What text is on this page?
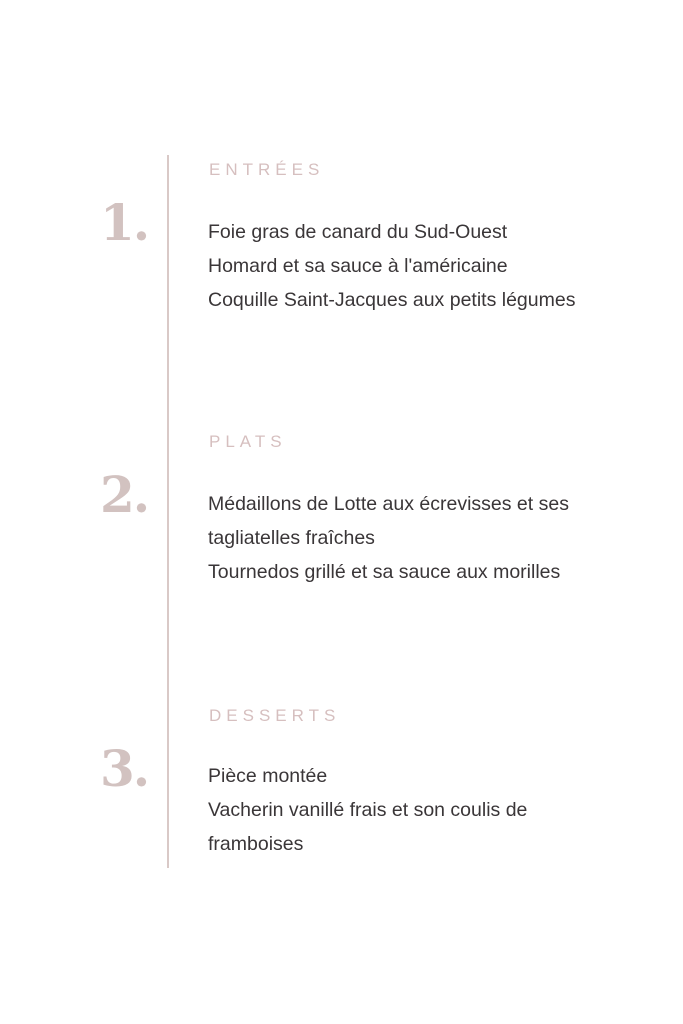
ENTRÉES
1.	Foie gras de canard du Sud-Ouest
Homard et sa sauce à l'américaine
Coquille Saint-Jacques aux petits légumes
PLATS
2.	Médaillons de Lotte aux écrevisses et ses tagliatelles fraîches
Tournedos grillé et sa sauce aux morilles
DESSERTS
3.	Pièce montée
Vacherin vanillé frais et son coulis de framboises
